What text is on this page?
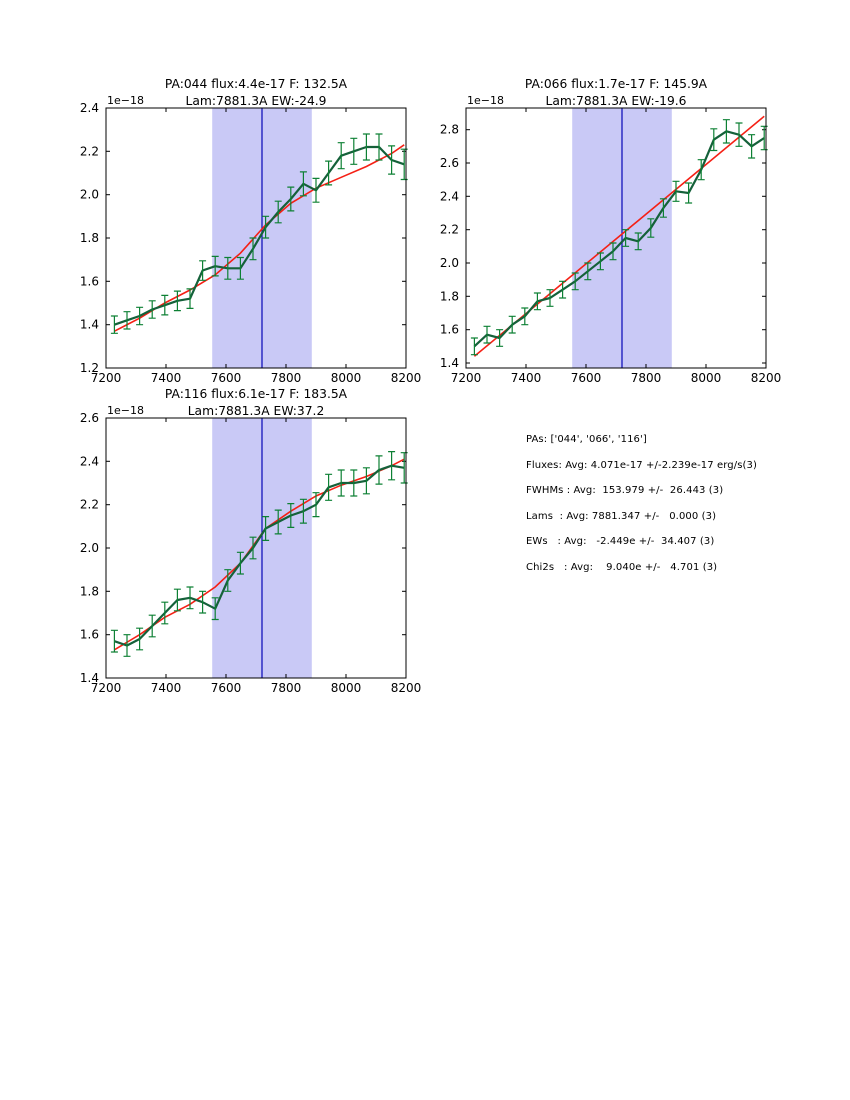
7200 7400 7600 7800 8000 8200
1.2
1.4
1.6
1.8
2.0
2.2
2.4
PA:044 flux:4.4e-17 F: 132.5A
Lam:7881.3A EW:-24.9
1e−18
7200 7400 7600 7800 8000 8200
1.4
1.6
1.8
2.0
2.2
2.4
2.6
2.8
PA:066 flux:1.7e-17 F: 145.9A
Lam:7881.3A EW:-19.6
1e−18
7200 7400 7600 7800 8000 8200
1.4
1.6
1.8
2.0
2.2
2.4
2.6
PA:116 flux:6.1e-17 F: 183.5A
Lam:7881.3A EW:37.2
1e−18
PAs: ['044', '066', '116']
Fluxes: Avg: 4.071e-17 +/-2.239e-17 erg/s(3)
FWHMs : Avg:  153.979 +/-  26.443 (3)
Lams  : Avg: 7881.347 +/-   0.000 (3)
EWs   : Avg:   -2.449e +/-  34.407 (3)
Chi2s   : Avg:    9.040e +/-   4.701 (3)
